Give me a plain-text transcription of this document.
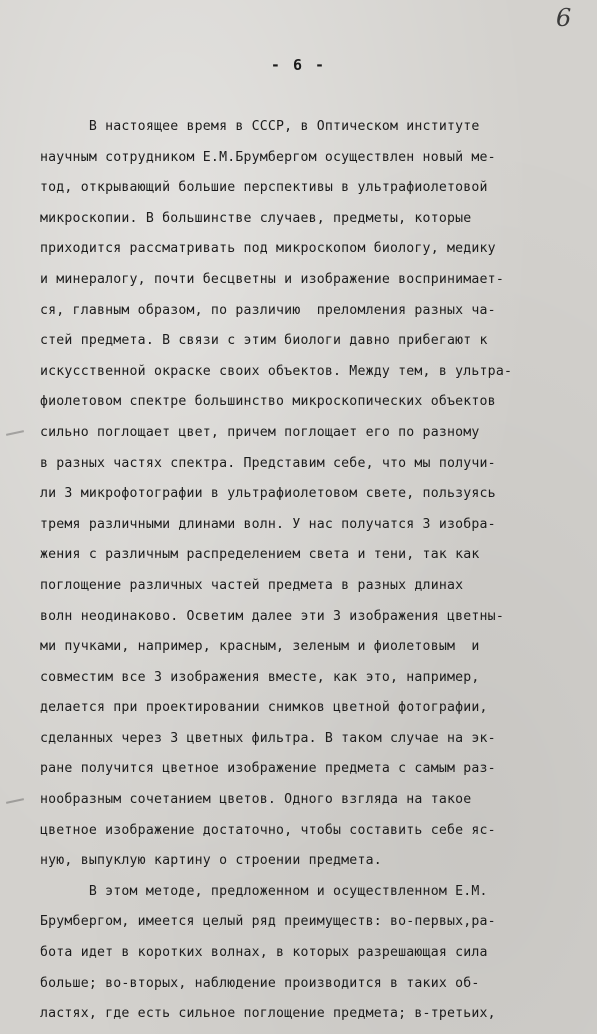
6
- 6 -
В настоящее время в СССР, в Оптическом институте
научным сотрудником Е.М.Брумбергом осуществлен новый ме-
тод, открывающий большие перспективы в ультрафиолетовой
микроскопии. В большинстве случаев, предметы, которые
приходится рассматривать под микроскопом биологу, медику
и минералогу, почти бесцветны и изображение воспринимает-
ся, главным образом, по различию  преломления разных ча-
стей предмета. В связи с этим биологи давно прибегают к
искусственной окраске своих объектов. Между тем, в ультра-
фиолетовом спектре большинство микроскопических объектов
сильно поглощает цвет, причем поглощает его по разному
в разных частях спектра. Представим себе, что мы получи-
ли 3 микрофотографии в ультрафиолетовом свете, пользуясь
тремя различными длинами волн. У нас получатся 3 изобра-
жения с различным распределением света и тени, так как
поглощение различных частей предмета в разных длинах
волн неодинаково. Осветим далее эти 3 изображения цветны-
ми пучками, например, красным, зеленым и фиолетовым  и
совместим все 3 изображения вместе, как это, например,
делается при проектировании снимков цветной фотографии,
сделанных через 3 цветных фильтра. В таком случае на эк-
ране получится цветное изображение предмета с самым раз-
нообразным сочетанием цветов. Одного взгляда на такое
цветное изображение достаточно, чтобы составить себе яс-
ную, выпуклую картину о строении предмета.
В этом методе, предложенном и осуществленном Е.М.
Брумбергом, имеется целый ряд преимуществ: во-первых,ра-
бота идет в коротких волнах, в которых разрешающая сила
больше; во-вторых, наблюдение производится в таких об-
ластях, где есть сильное поглощение предмета; в-третьих,
